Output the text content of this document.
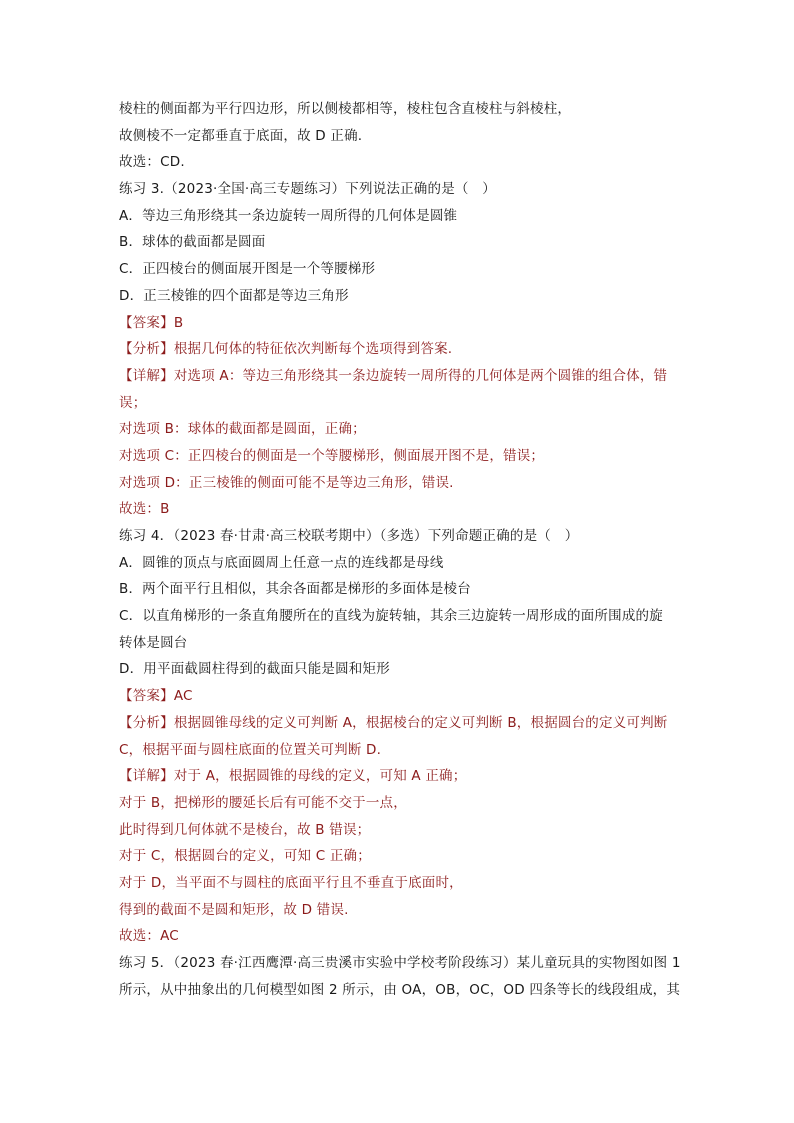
棱柱的侧面都为平行四边形，所以侧棱都相等，棱柱包含直棱柱与斜棱柱，
故侧棱不一定都垂直于底面，故 D 正确.
故选：CD.
练习 3.（2023·全国·高三专题练习）下列说法正确的是（　）
A．等边三角形绕其一条边旋转一周所得的几何体是圆锥
B．球体的截面都是圆面
C．正四棱台的侧面展开图是一个等腰梯形
D．正三棱锥的四个面都是等边三角形
【答案】B
【分析】根据几何体的特征依次判断每个选项得到答案.
【详解】对选项 A：等边三角形绕其一条边旋转一周所得的几何体是两个圆锥的组合体，错
误；
对选项 B：球体的截面都是圆面，正确；
对选项 C：正四棱台的侧面是一个等腰梯形，侧面展开图不是，错误；
对选项 D：正三棱锥的侧面可能不是等边三角形，错误.
故选：B
练习 4．（2023 春·甘肃·高三校联考期中）（多选）下列命题正确的是（　）
A．圆锥的顶点与底面圆周上任意一点的连线都是母线
B．两个面平行且相似，其余各面都是梯形的多面体是棱台
C．以直角梯形的一条直角腰所在的直线为旋转轴，其余三边旋转一周形成的面所围成的旋
转体是圆台
D．用平面截圆柱得到的截面只能是圆和矩形
【答案】AC
【分析】根据圆锥母线的定义可判断 A，根据棱台的定义可判断 B，根据圆台的定义可判断
C，根据平面与圆柱底面的位置关可判断 D.
【详解】对于 A，根据圆锥的母线的定义，可知 A 正确；
对于 B，把梯形的腰延长后有可能不交于一点，
此时得到几何体就不是棱台，故 B 错误；
对于 C，根据圆台的定义，可知 C 正确；
对于 D，当平面不与圆柱的底面平行且不垂直于底面时，
得到的截面不是圆和矩形，故 D 错误.
故选：AC
练习 5．（2023 春·江西鹰潭·高三贵溪市实验中学校考阶段练习）某儿童玩具的实物图如图 1
所示，从中抽象出的几何模型如图 2 所示，由 OA，OB，OC，OD 四条等长的线段组成，其
